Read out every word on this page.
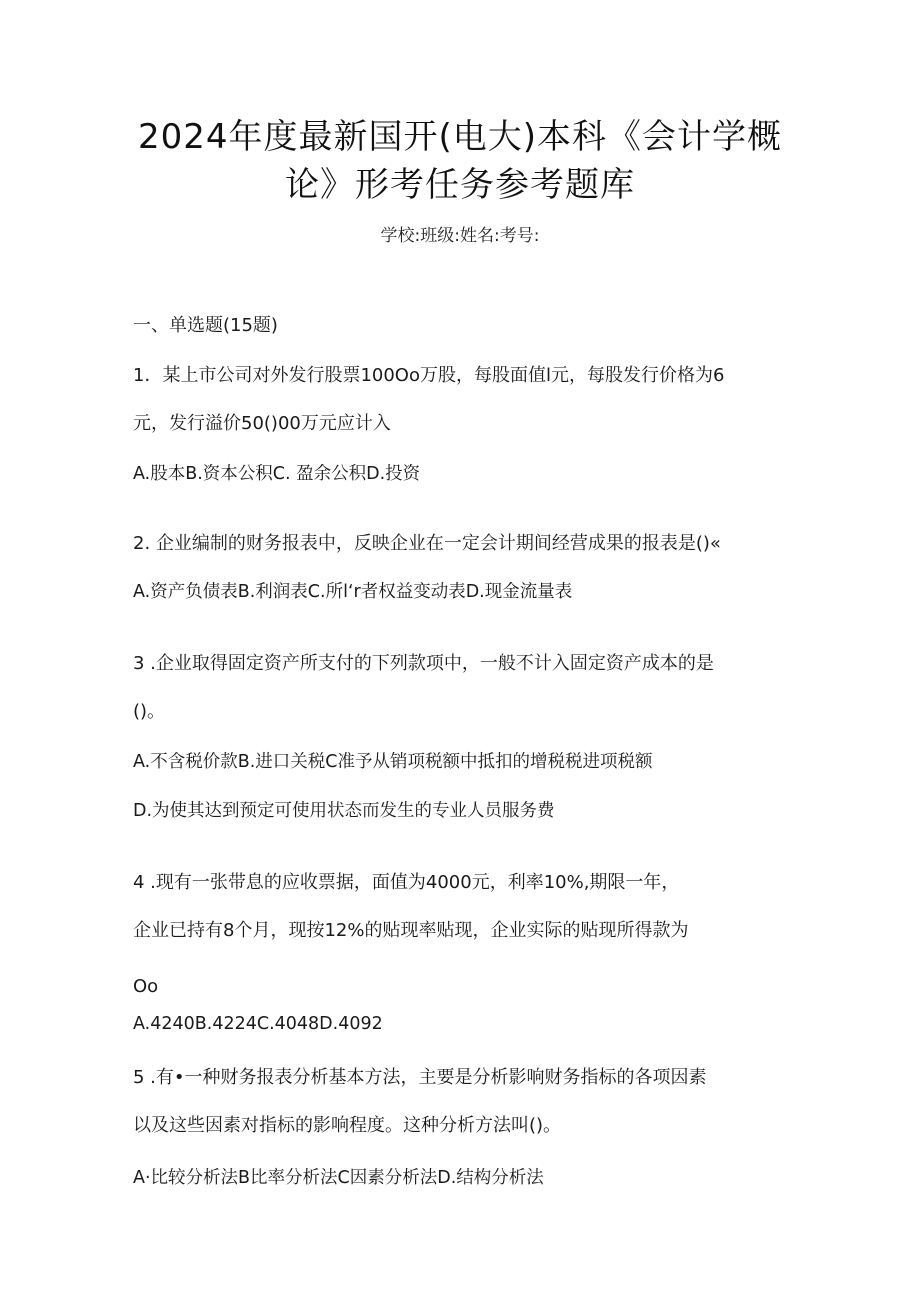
2024年度最新国开(电大)本科《会计学概
论》形考任务参考题库
学校:班级:姓名:考号:
一、单选题(15题)
1．某上市公司对外发行股票100Oo万股，每股面值l元，每股发行价格为6
元，发行溢价50()00万元应计入
A.股本B.资本公积C. 盈余公积D.投资
2. 企业编制的财务报表中，反映企业在一定会计期间经营成果的报表是()«
A.资产负债表B.利润表C.所l‘r者权益变动表D.现金流量表
3 .企业取得固定资产所支付的下列款项中，一般不计入固定资产成本的是
()。
A.不含税价款B.进口关税C准予从销项税额中抵扣的增税税进项税额
D.为使其达到预定可使用状态而发生的专业人员服务费
4 .现有一张带息的应收票据，面值为4000元，利率10%,期限一年，
企业已持有8个月，现按12%的贴现率贴现，企业实际的贴现所得款为
Oo
A.4240B.4224C.4048D.4092
5 .有•一种财务报表分析基本方法，主要是分析影响财务指标的各项因素
以及这些因素对指标的影响程度。这种分析方法叫()。
A·比较分析法B比率分析法C因素分析法D.结构分析法
